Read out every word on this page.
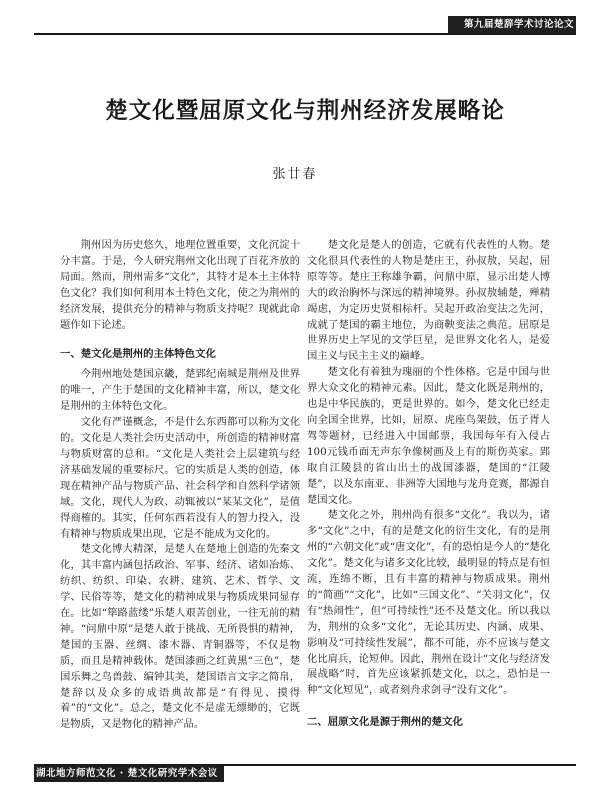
第九届楚辞学术讨论论文
楚文化暨屈原文化与荆州经济发展略论
张廿春

荆州因为历史悠久，地理位置重要，文化沉淀十分丰富。于是，今人研究荆州文化出现了百花齐放的局面。然而，荆州需多“文化”，其特才是本土主体特色文化？我们如何利用本土特色文化，使之为荆州的经济发展，提供充分的精神与物质支持呢？现就此命题作如下论述。

一、楚文化是荆州的主体特色文化

今荆州地处楚国京畿，楚郢纪南城是荆州及世界的唯一，产生于楚国的文化精神丰富，所以，楚文化是荆州的主体特色文化。

文化有严谨概念，不是什么东西都可以称为文化的。文化是人类社会历史活动中，所创造的精神财富与物质财富的总和。“文化是人类社会上层建筑与经济基础发展的重要标尺。它的实质是人类的创造，体现在精神产品与物质产品、社会科学和自然科学诸领域。文化，现代人为政、动辄被以“某某文化”，是值得商榷的。其实，任何东西若没有人的智力投入，没有精神与物质成果出现，它是不能成为文化的。

楚文化博大精深，是楚人在楚地上创造的先秦文化，其丰富内涵包括政治、军事、经济、诸如冶炼、纺织、纺织、印染、农耕、建筑、艺术、哲学、文学、民俗等等，楚文化的精神成果与物质成果同显存在。比如“筚路蓝缕”乐楚人艰苦创业，一往无前的精神。“问鼎中原”是楚人敢于挑战、无所畏惧的精神，楚国的玉器、丝绸、漆木器、青铜器等，不仅是物质，而且是精神载体。楚国漆画之红黄黑“三色”，楚国乐舞之鸟兽鼓、编钟其美，楚国语言文字之简帛，楚辞以及众多的成语典故都是“有得见、摸得着”的“文化”。总之，楚文化不是虚无缥缈的，它既是物质，又是物化的精神产品。

楚文化是楚人的创造，它就有代表性的人物。楚文化很具代表性的人物是楚庄王，孙叔敖，吴起，屈原等等。楚庄王称雄争霸，问鼎中原，显示出楚人博大的政治胸怀与深远的精神境界。孙叔敖辅楚，殚精竭虑，为定历史贤相标杆。吴起开政治变法之先河，成就了楚国的霸主地位，为商鞅变法之典范。屈原是世界历史上罕见的文学巨星，是世界文化名人，是爱国主义与民主主义的巅峰。

楚文化有着独为瑰丽的个性体格。它是中国与世界大众文化的精神元素。因此，楚文化既是荆州的，也是中华民族的，更是世界的。如今，楚文化已经走向全国全世界，比如，屈原、虎座鸟架鼓，伍子胥人驾等题材，已经进入中国邮票，我国每年有入侵占100元钱币面无声东争像树画及上有的斯伤英家。郢取自江陵县的省山出土的战国漆器，楚国的“江陵楚”，以及东南亚、非洲等大国地与龙舟竞赛，都源自楚国文化。

楚文化之外，荆州尚有很多“文化”。我以为，诸多“文化”之中，有的是楚文化的衍生文化，有的是荆州的“六朝文化”或“唐文化”，有的恐怕是今人的“楚化文化”。楚文化与诸多文化比较，最明显的特点是有恒流，连绵不断，且有丰富的精神与物质成果。荆州的“简画”“文化”，比如“三国文化”、“关羽文化”，仅有“热闹性”，但“可持续性”还不及楚文化。所以我以为，荆州的众多“文化”，无论其历史、内涵、成果、影响及“可持续性发展”，都不可能，亦不应该与楚文化比肩兵，论短伸。因此，荆州在设计“文化与经济发展战略”时，首先应该紧抓楚文化，以之，恐怕是一种“文化短见”，或者刻舟求剑寻“没有文化”。

二、屈原文化是源于荆州的楚文化
湖北地方师范文化 · 楚文化研究学术会议
